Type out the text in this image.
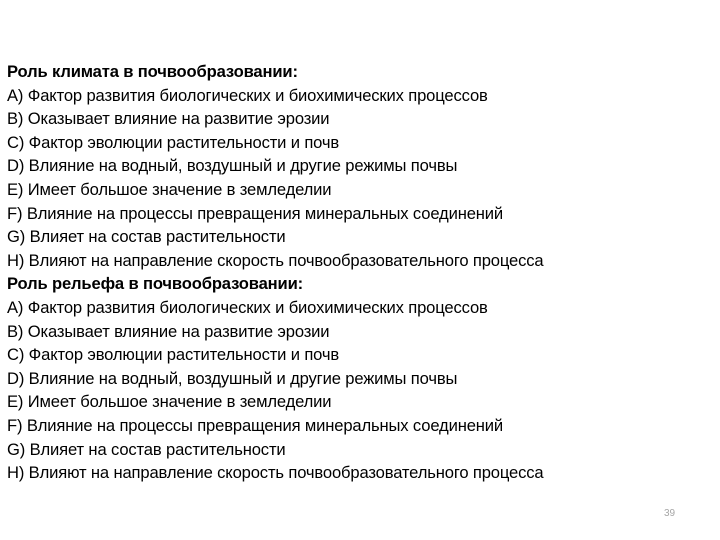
Роль климата в почвообразовании:
А) Фактор развития биологических и биохимических процессов
В) Оказывает влияние на развитие эрозии
С) Фактор эволюции растительности и почв
D) Влияние на водный, воздушный и другие режимы почвы
E) Имеет большое значение в земледелии
F) Влияние на процессы превращения минеральных соединений
G) Влияет на состав растительности
H) Влияют на направление скорость почвообразовательного процесса
Роль рельефа в почвообразовании:
А) Фактор развития биологических и биохимических процессов
В) Оказывает влияние на развитие эрозии
С) Фактор эволюции растительности и почв
D) Влияние на водный, воздушный и другие режимы почвы
E) Имеет большое значение в земледелии
F) Влияние на процессы превращения минеральных соединений
G) Влияет на состав растительности
H) Влияют на направление скорость почвообразовательного процесса
39
